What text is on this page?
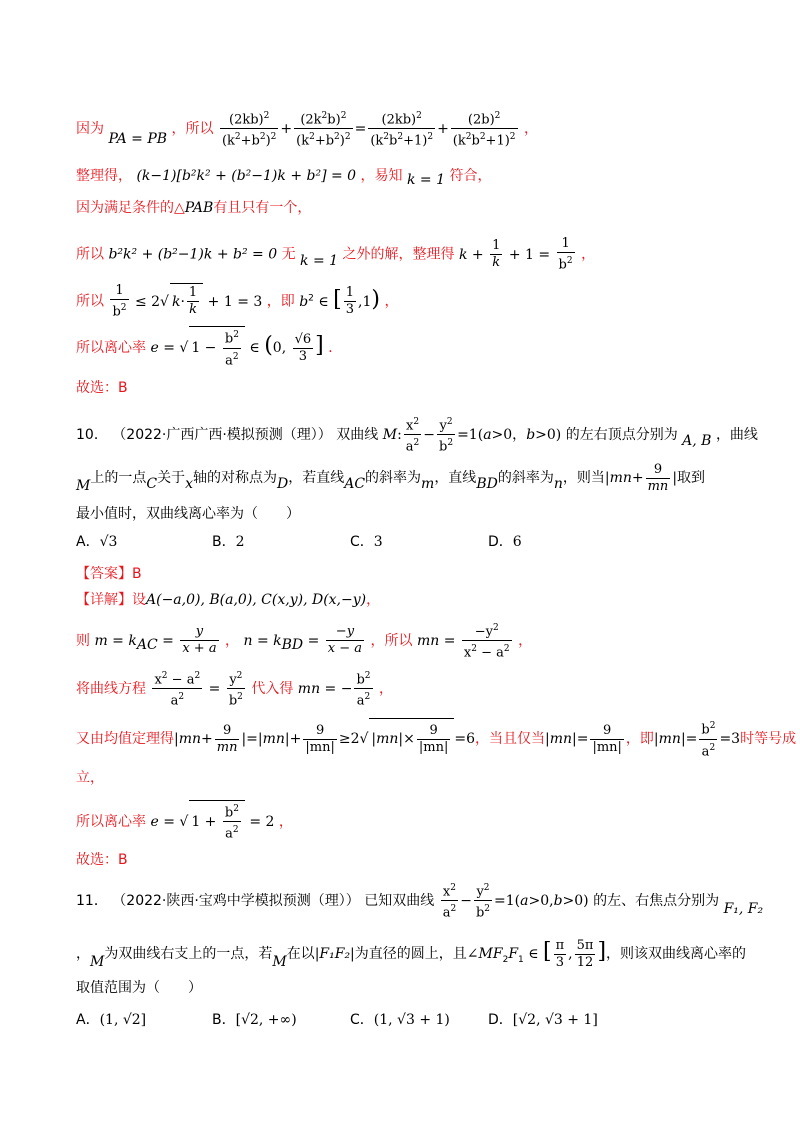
因为 PA = PB ，所以 $\frac{(2kb)^2}{(k^2+b^2)^2} + \frac{(2k^2b)^2}{(k^2+b^2)^2} = \frac{(2kb)^2}{(k^2b^2+1)^2} + \frac{(2b)^2}{(k^2b^2+1)^2}$ ，
整理得， (k−1)[b²k² + (b²−1)k + b²] = 0 ，易知 k = 1 符合，
因为满足条件的△PAB有且只有一个，
所以 b²k² + (b²−1)k + b² = 0 无 k = 1 之外的解，整理得 $k + \frac{1}{k} + 1 = \frac{1}{b^2}$ ，
所以 $\frac{1}{b^2} \le 2√$ $k\cdot \frac{1}{k} + 1 = 3$ ，即 $b^2$ ∈ [ $\frac{1}{3} ,1$) ，
所以离心率 e = √ $1 - \frac{b^2}{a^2}$ ∈ (0, $\frac{√6}{3}$ ] ．
故选：B
10． （2022·广西广西·模拟预测（理）） 双曲线 M: $\frac{x^2}{a^2} - \frac{y^2}{b^2} =1(a>0$，b>0) 的左右顶点分别为 A, B ，曲线
M上的一点C关于x轴的对称点为D，若直线AC的斜率为m，直线BD的斜率为n，则当$|mn+ \frac{9}{mn}$ |取到
最小值时，双曲线离心率为（　　）
A．√3	B．2	C．3	D．6
【答案】B
【详解】设A(−a,0), B(a,0), C(x,y), D(x,−y)，
则 $m = k_{AC} = \frac{y}{x + a}$ ， $n = k_{BD} = \frac{-y}{x - a}$ ，所以 mn = $\frac{-y^2}{x^2 - a^2}$ ，
将曲线方程 $\frac{x^2 - a^2}{a^2} = \frac{y^2}{b^2}$ 代入得 mn = − $\frac{b^2}{a^2}$ ，
又由均值定理得$|mn+ \frac{9}{mn} |=|mn|+ \frac{9}{|mn|} \ge 2√$ $|mn|\times \frac{9}{|mn|} =6$，当且仅当$|mn|= \frac{9}{|mn|}$ ，即$|mn|= \frac{b^2}{a^2} =3$时等号成
立，
所以离心率 e = √ $1 + \frac{b^2}{a^2} = 2$ ，
故选：B
11． （2022·陕西·宝鸡中学模拟预测（理）） 已知双曲线 $\frac{x^2}{a^2} - \frac{y^2}{b^2} =1(a>0,b>0)$ 的左、右焦点分别为 F₁, F₂
，M为双曲线右支上的一点，若M在以|F₁F₂|为直径的圆上，且$\angle MF_2F_1$ ∈ [ $\frac{\pi}{3}$ , $\frac{5\pi}{12}$ ]，则该双曲线离心率的
取值范围为（　　）
A．(1, √2]	B．[√2, +∞)	C．(1, √3 + 1)	D．[√2, √3 + 1]
